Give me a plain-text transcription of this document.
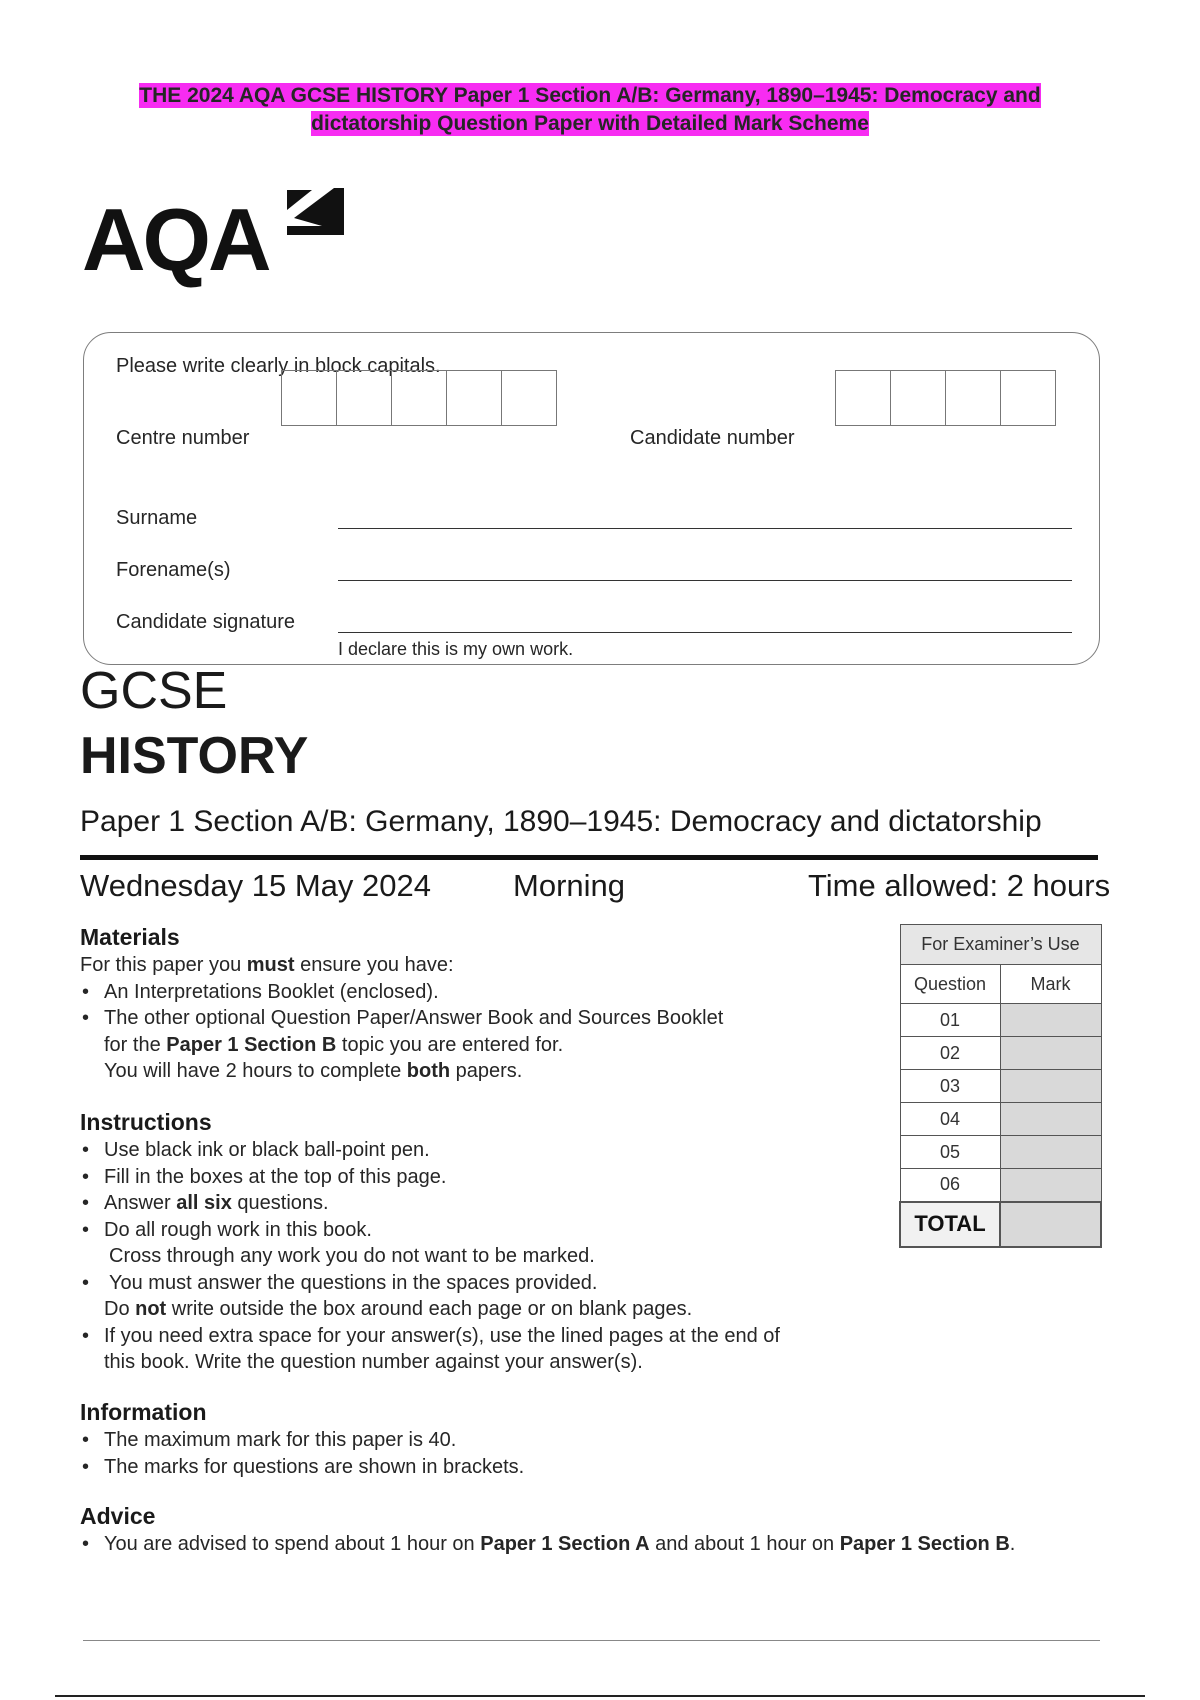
THE 2024 AQA GCSE HISTORY Paper 1 Section A/B: Germany, 1890–1945: Democracy and
dictatorship Question Paper with Detailed Mark Scheme
AQA
Please write clearly in block capitals.
Centre number	Candidate number
Surname
Forename(s)
Candidate signature
I declare this is my own work.
GCSE
HISTORY
Paper 1 Section A/B: Germany, 1890–1945: Democracy and dictatorship
Wednesday 15 May 2024	Morning	Time allowed: 2 hours
Materials
For this paper you must ensure you have:
• An Interpretations Booklet (enclosed).
• The other optional Question Paper/Answer Book and Sources Booklet
for the Paper 1 Section B topic you are entered for.
You will have 2 hours to complete both papers.
Instructions
• Use black ink or black ball-point pen.
• Fill in the boxes at the top of this page.
• Answer all six questions.
• Do all rough work in this book.
Cross through any work you do not want to be marked.
• You must answer the questions in the spaces provided.
Do not write outside the box around each page or on blank pages.
• If you need extra space for your answer(s), use the lined pages at the end of
this book. Write the question number against your answer(s).
Information
• The maximum mark for this paper is 40.
• The marks for questions are shown in brackets.
Advice
• You are advised to spend about 1 hour on Paper 1 Section A and about 1 hour on Paper 1 Section B.
For Examiner’s Use	
Question	Mark
01	
02	
03	
04	
05	
06	
TOTAL	
